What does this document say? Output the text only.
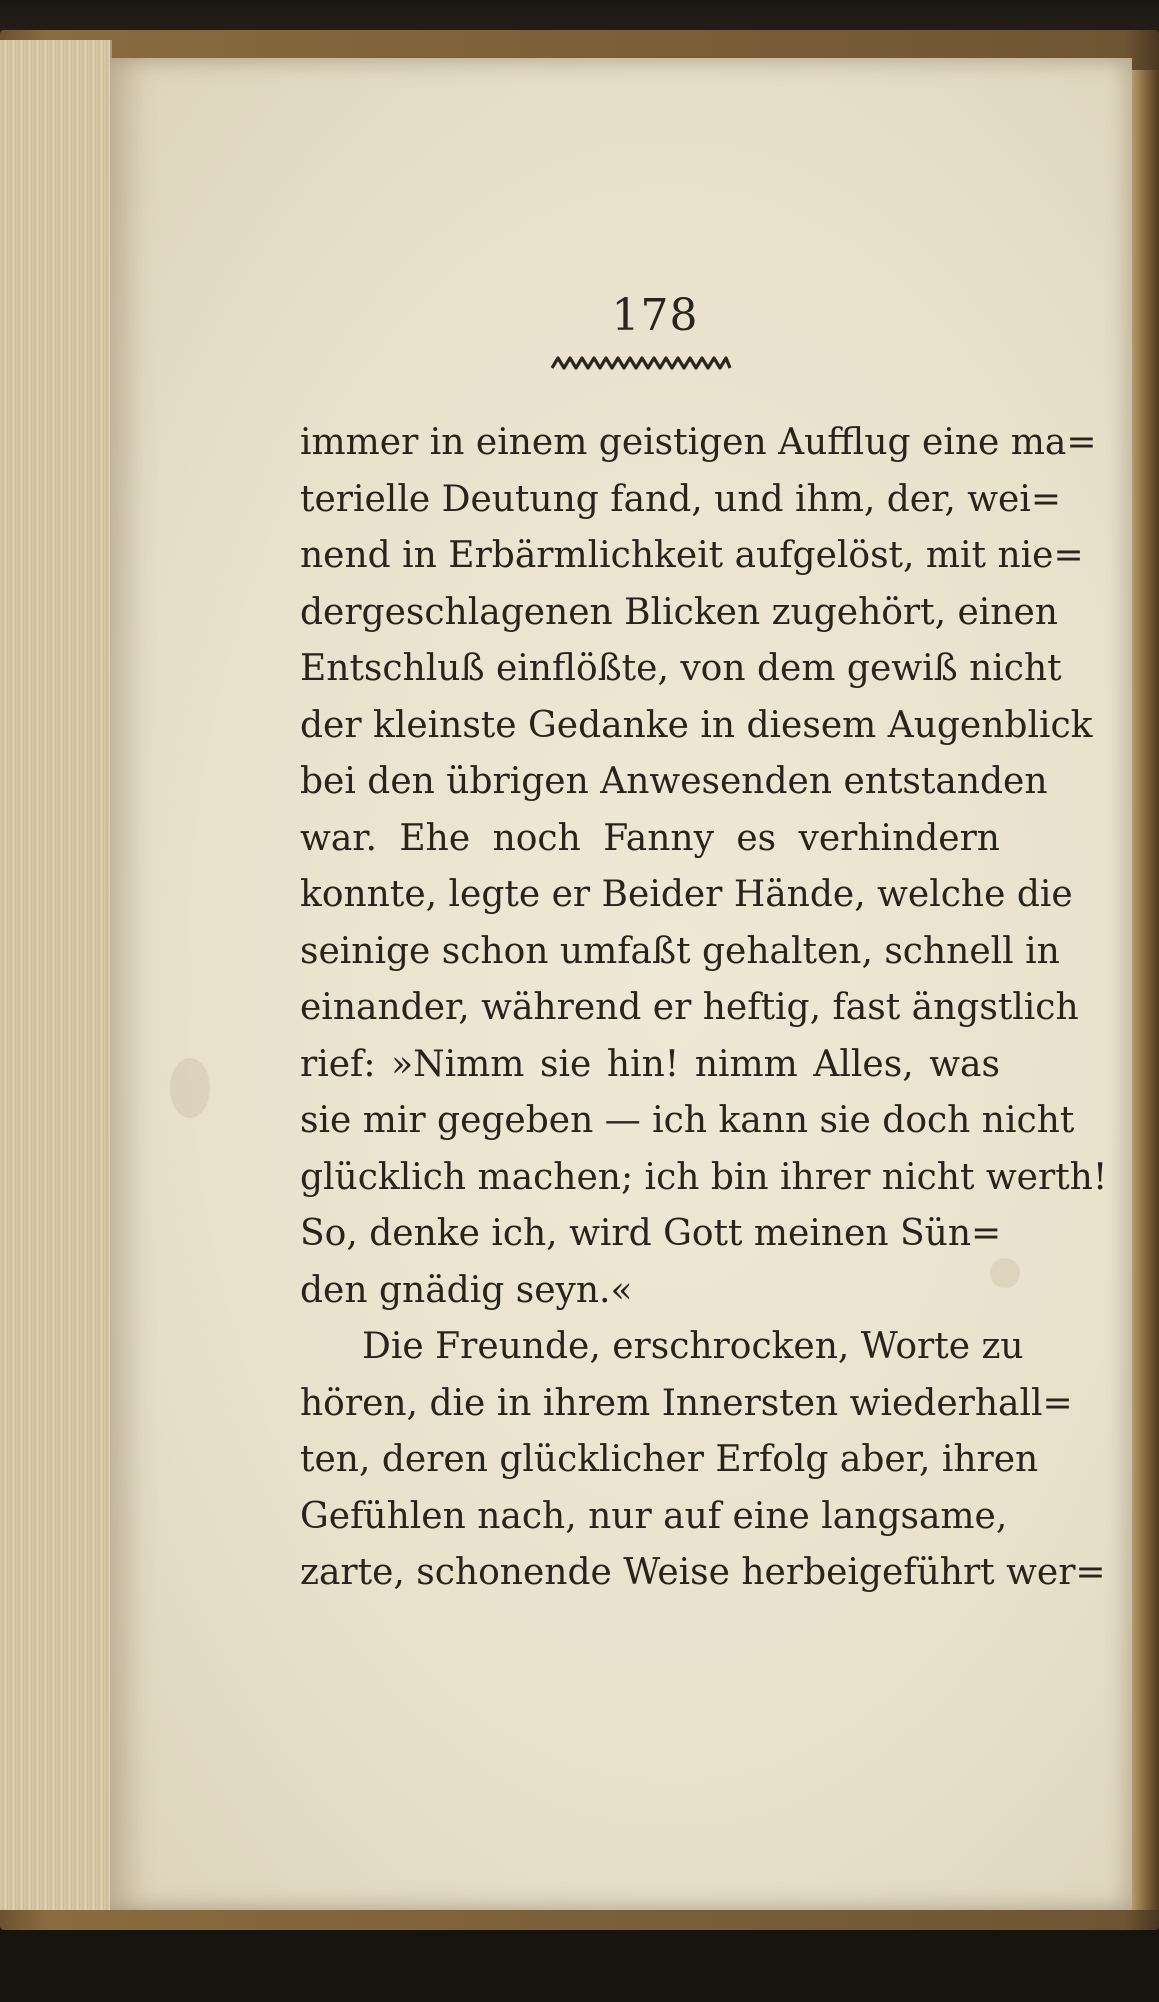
178
immer in einem geistigen Aufflug eine ma=
terielle Deutung fand, und ihm, der, wei=
nend in Erbärmlichkeit aufgelöst, mit nie=
dergeschlagenen Blicken zugehört, einen
Entschluß einflößte, von dem gewiß nicht
der kleinste Gedanke in diesem Augenblick
bei den übrigen Anwesenden entstanden
war. Ehe noch Fanny es verhindern
konnte, legte er Beider Hände, welche die
seinige schon umfaßt gehalten, schnell in
einander, während er heftig, fast ängstlich
rief: »Nimm sie hin! nimm Alles, was
sie mir gegeben — ich kann sie doch nicht
glücklich machen; ich bin ihrer nicht werth!
So, denke ich, wird Gott meinen Sün=
den gnädig seyn.«
Die Freunde, erschrocken, Worte zu
hören, die in ihrem Innersten wiederhall=
ten, deren glücklicher Erfolg aber, ihren
Gefühlen nach, nur auf eine langsame,
zarte, schonende Weise herbeigeführt wer=
